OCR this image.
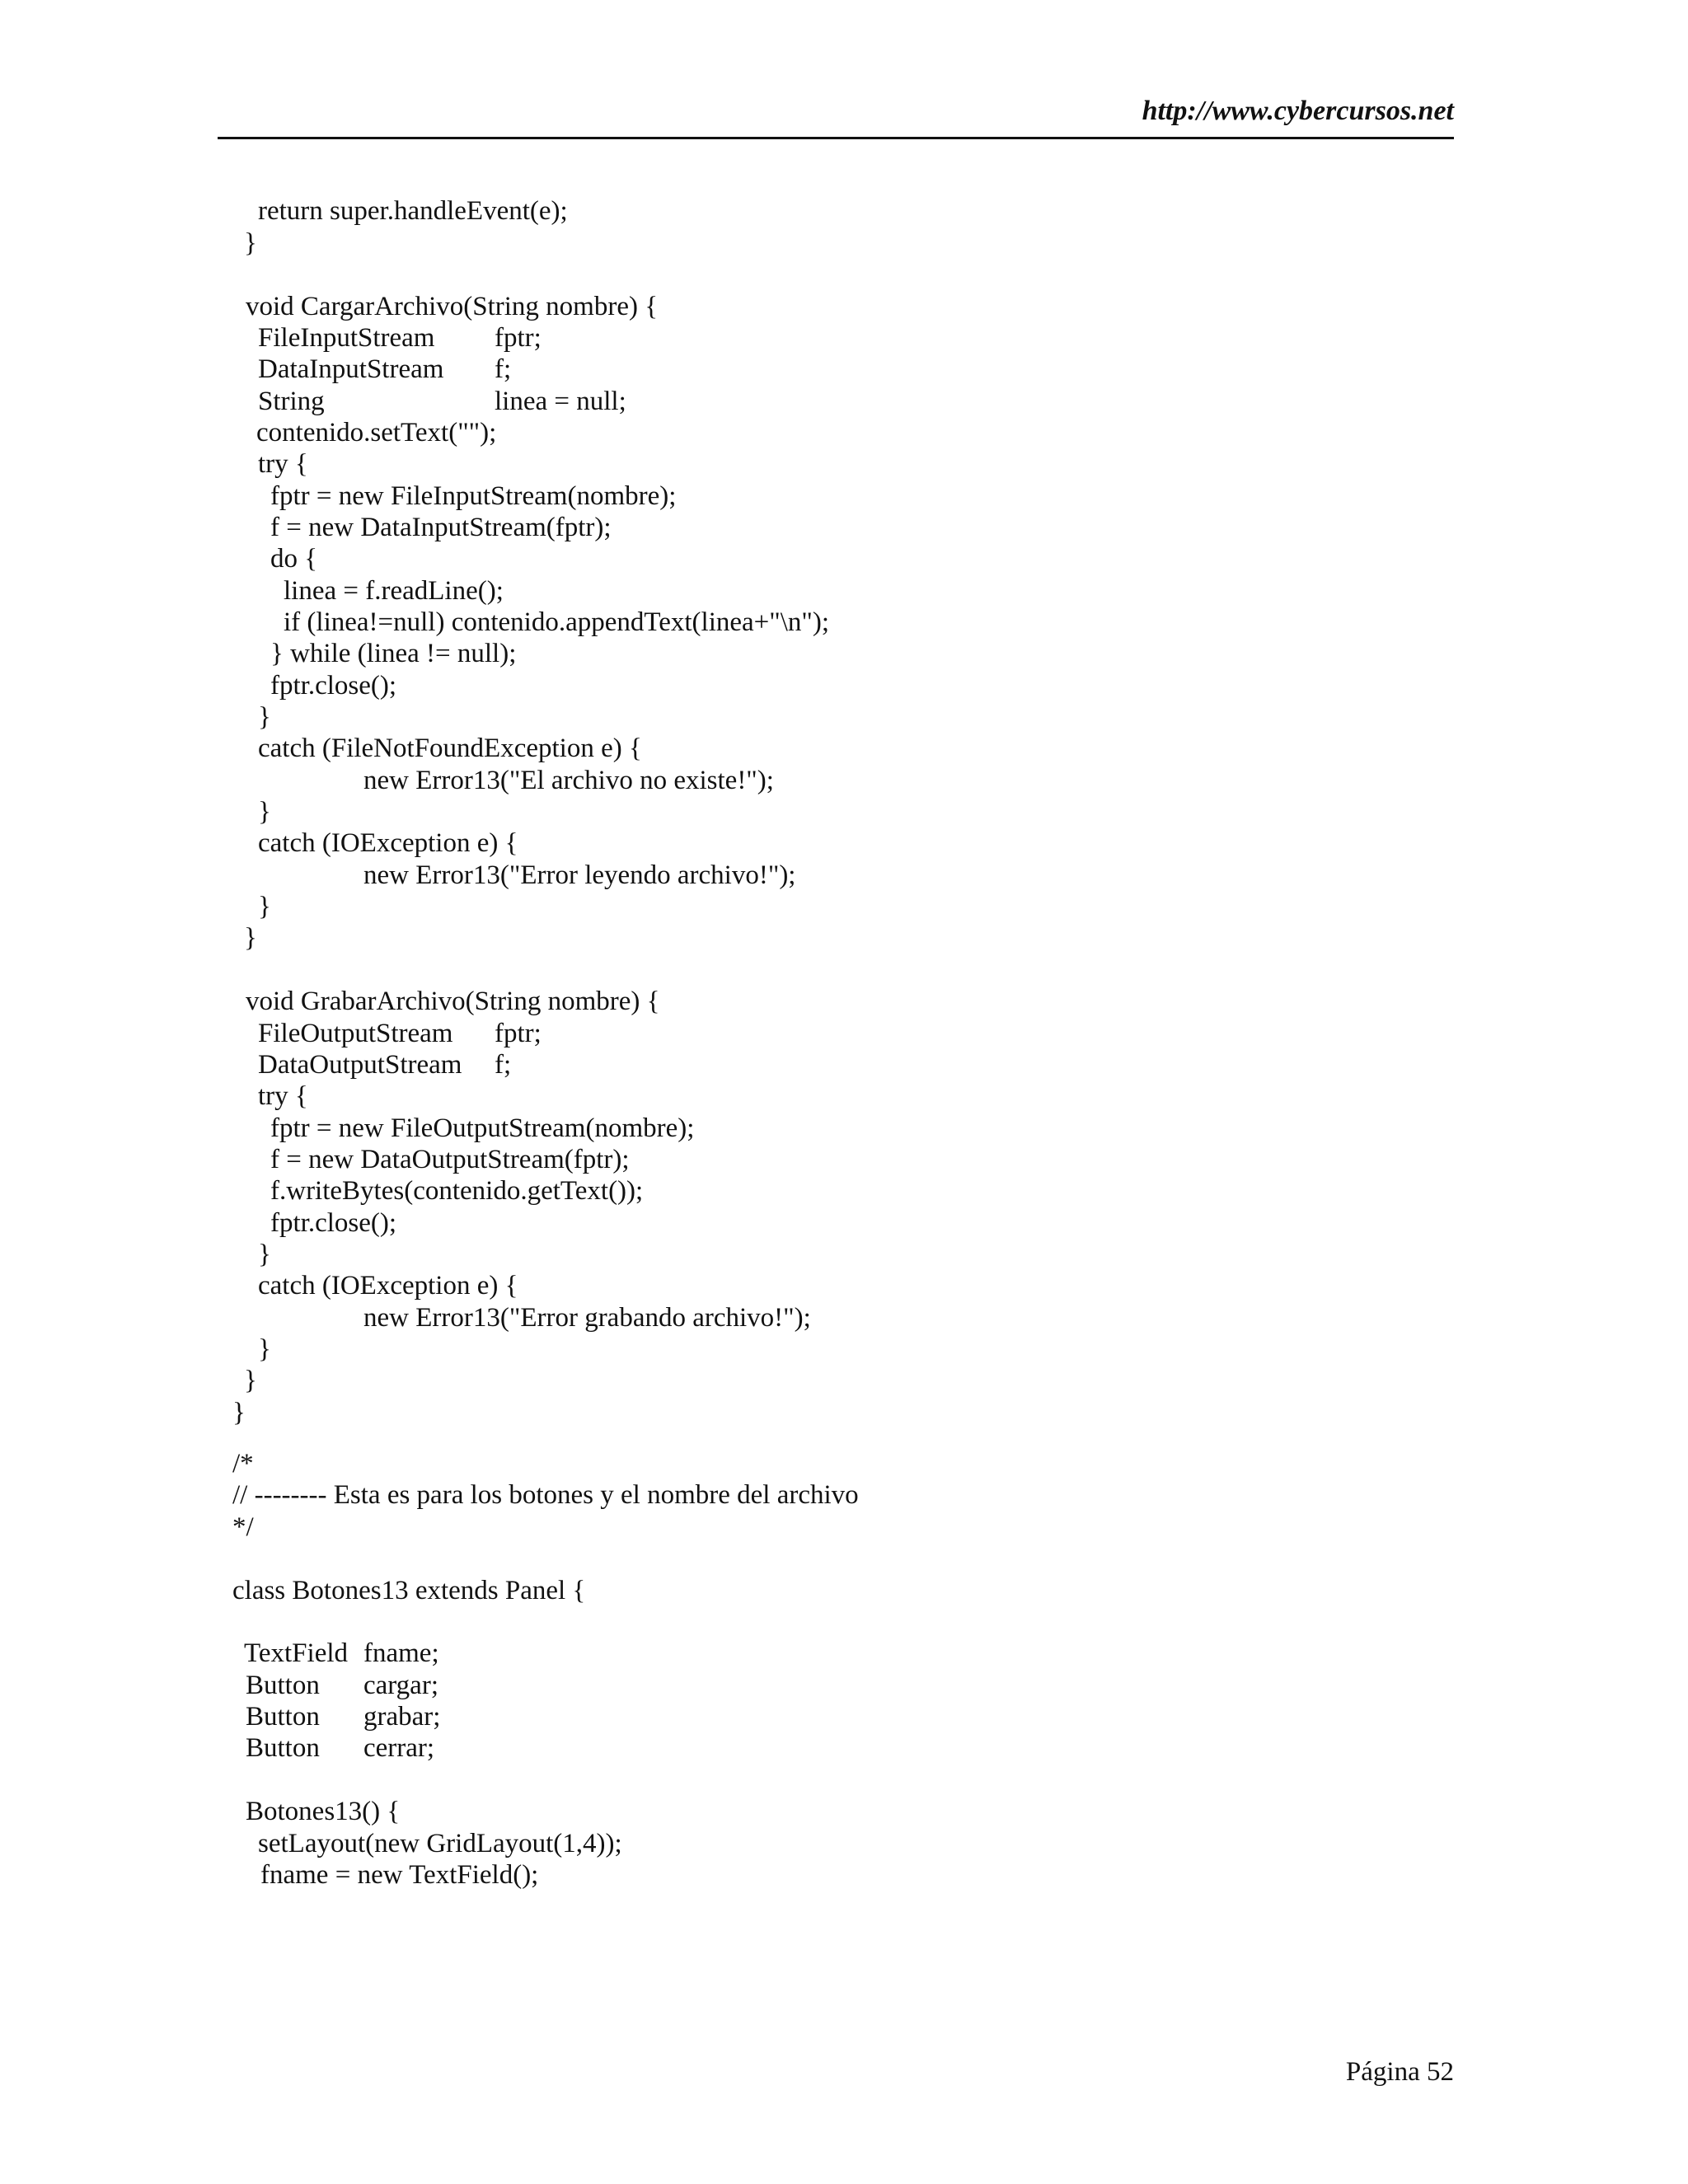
http://www.cybercursos.net
return super.handleEvent(e);
}
void CargarArchivo(String nombre) {
FileInputStream fptr;
DataInputStream f;
String	linea = null;
contenido.setText("");
try {
fptr = new FileInputStream(nombre);
f = new DataInputStream(fptr);
do {
linea = f.readLine();
if (linea!=null) contenido.appendText(linea+"\n");
} while (linea != null);
fptr.close();
}
catch (FileNotFoundException e) {
new Error13("El archivo no existe!");
}
catch (IOException e) {
new Error13("Error leyendo archivo!");
}
}
void GrabarArchivo(String nombre) {
FileOutputStream fptr;
DataOutputStream f;
try {
fptr = new FileOutputStream(nombre);
f = new DataOutputStream(fptr);
f.writeBytes(contenido.getText());
fptr.close();
}
catch (IOException e) {
new Error13("Error grabando archivo!");
}
}
}
/*
// -------- Esta es para los botones y el nombre del archivo
*/
class Botones13 extends Panel {
TextField fname;
Button cargar;
Button grabar;
Button cerrar;
Botones13() {
setLayout(new GridLayout(1,4));
fname = new TextField();
Página 52
